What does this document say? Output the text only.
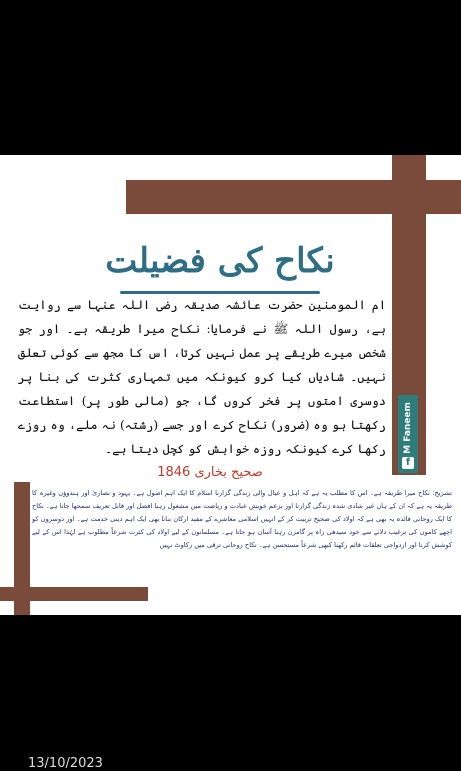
نکاح کی فضیلت
ام المومنین حضرت عائشہ صدیقہ رضی اللہ عنہا سے روایت ہے، رسول اللہ ﷺ نے فرمایا: نکاح میرا طریقہ ہے۔ اور جو شخص میرے طریقے پر عمل نہیں کرتا، اس کا مجھ سے کوئی تعلق نہیں۔ شادیاں کیا کرو کیونکہ میں تمہاری کثرت کی بنا پر دوسری امتوں پر فخر کروں گا، جو (مالی طور پر) استطاعت رکھتا ہو وہ (ضرور) نکاح کرے اور جسے (رشتہ) نہ ملے، وہ روزے رکھا کرے کیونکہ روزہ خواہش کو کچل دیتا ہے۔
صحیح بخاری 1846
تشریح: نکاح میرا طریقہ ہے۔ اس کا مطلب یہ ہے کہ اہل و عیال والی زندگی گزارنا اسلام کا ایک اہم اصول ہے۔ یہود و نصاریٰ اور ہندوؤں وغیرہ کا طریقہ یہ ہے کہ ان کے ہاں غیر شادی شدہ زندگی گزارنا اور بزعم خویش عبادت و ریاضت میں مشغول رہنا افضل اور قابل تعریف سمجھا جاتا ہے۔ نکاح کا ایک روحانی فائدہ یہ بھی ہے کہ اولاد کی صحیح تربیت کر کے انہیں اسلامی معاشرے کے مفید ارکان بنانا بھی ایک اہم دینی خدمت ہے۔ اور دوسروں کو اچھے کاموں کی ترغیب دلانے سے خود سیدھی راہ پر گامزن رہنا آسان ہو جاتا ہے۔ مسلمانوں کے لیے اولاد کی کثرت شرعاً مطلوب ہے لہٰذا اس کے لیے کوشش کرنا اور ازدواجی تعلقات قائم رکھنا کبھی شرعاً مستحسن ہے۔ نکاح روحانی ترقی میں رکاوٹ نہیں
M Faneem
f
13/10/2023
